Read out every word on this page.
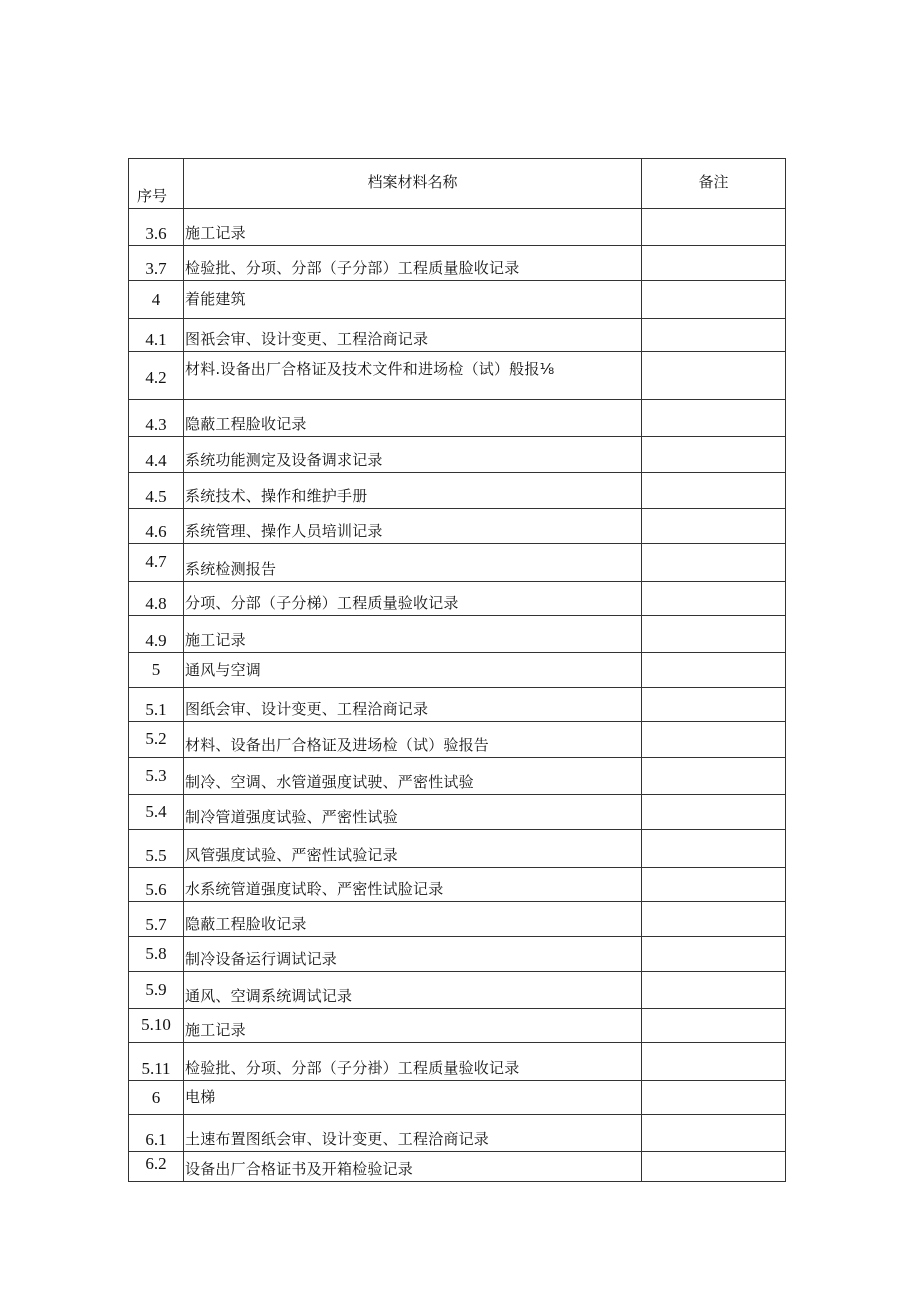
序号	档案材料名称	备注
3.6	施工记录	
3.7	检验批、分项、分部（子分部）工程质量脸收记录	
4	着能建筑	
4.1	图祇会审、设计变更、工程洽商记录	
4.2	材料.设备出厂合格证及技术文件和进场检（试）般报⅛	
4.3	隐蔽工程脸收记录	
4.4	系统功能测定及设备调求记录	
4.5	系统技术、操作和维护手册	
4.6	系统管理、操作人员培训记录	
4.7	系统检测报告	
4.8	分项、分部（子分梯）工程质量验收记录	
4.9	施工记录	
5	通风与空调	
5.1	图纸会审、设计变更、工程洽商记录	
5.2	材料、设备出厂合格证及进场检（试）验报告	
5.3	制冷、空调、水管道强度试驶、严密性试验	
5.4	制冷管道强度试验、严密性试验	
5.5	风管强度试验、严密性试验记录	
5.6	水系统管道强度试聆、严密性试脸记录	
5.7	隐蔽工程脸收记录	
5.8	制冷设备运行调试记录	
5.9	通风、空调系统调试记录	
5.10	施工记录	
5.11	检验批、分项、分部（子分褂）工程质量验收记录	
6	电梯	
6.1	土速布置图纸会审、设计变更、工程洽商记录	
6.2	设备出厂合格证书及开箱检验记录	
